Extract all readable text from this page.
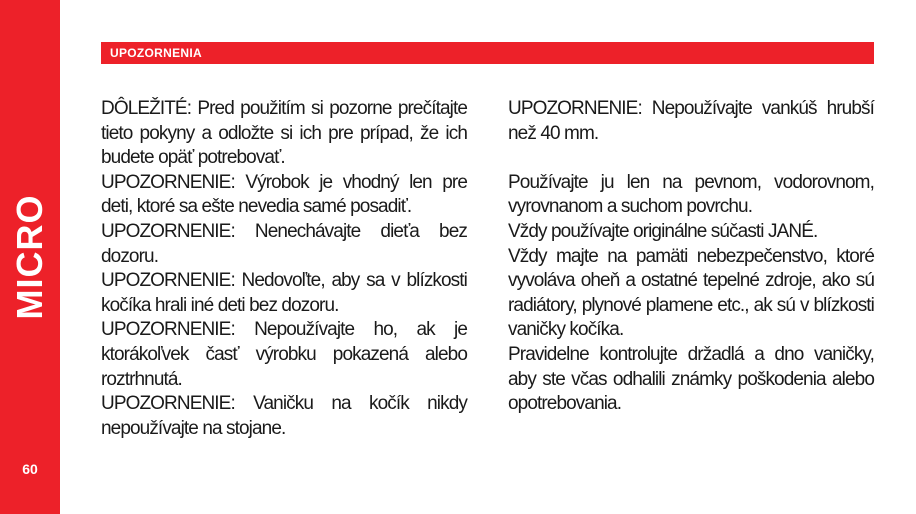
MICRO
60
UPOZORNENIA

DÔLEŽITÉ: Pred použitím si pozorne prečítajte tieto pokyny a odložte si ich pre prípad, že ich budete opäť potrebovať.

UPOZORNENIE: Výrobok je vhodný len pre deti, ktoré sa ešte nevedia samé posadiť.

UPOZORNENIE: Nenechávajte dieťa bez dozoru.

UPOZORNENIE: Nedovoľte, aby sa v blízkosti kočíka hrali iné deti bez dozoru.

UPOZORNENIE: Nepoužívajte ho, ak je ktorákoľvek časť výrobku pokazená alebo roztrhnutá.

UPOZORNENIE: Vaničku na kočík nikdy nepoužívajte na stojane.

UPOZORNENIE: Nepoužívajte vankúš hrubší než 40 mm.

Používajte ju len na pevnom, vodorovnom, vyrovnanom a suchom povrchu.

Vždy používajte originálne súčasti JANÉ.

Vždy majte na pamäti nebezpečenstvo, ktoré vyvoláva oheň a ostatné tepelné zdroje, ako sú radiátory, plynové plamene etc., ak sú v blízkosti vaničky kočíka.

Pravidelne kontrolujte držadlá a dno vaničky, aby ste včas odhalili známky poškodenia alebo opotrebovania.
